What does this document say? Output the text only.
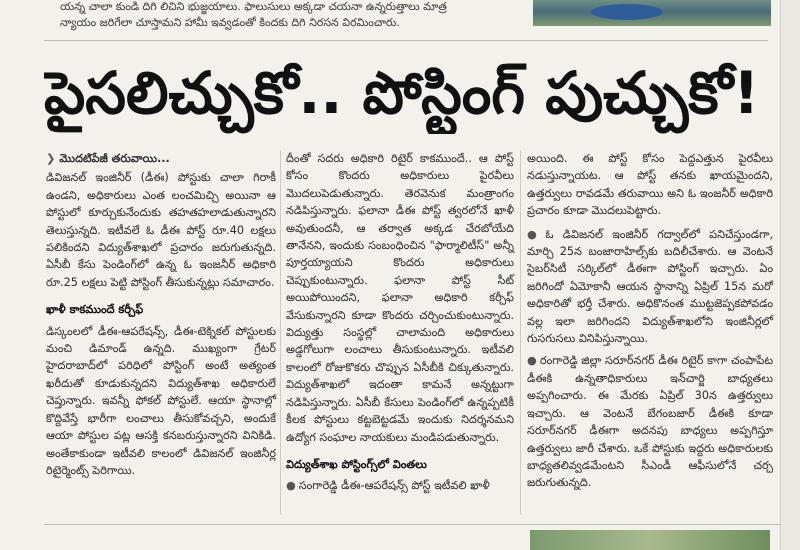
యన్న చాలా కుండి దిగి లిచిని భుజ్జయాలు. ఫాలుసులు అక్కడా చయనా ఉన్నరుత్తాలు మాత్ర
న్యాయం జరిగేలా చూస్తామని హామీ ఇవ్వడంతో కిందకు దిగి నిరసన విరమించారు.
పైసలిచ్చుకో.. పోస్టింగ్ పుచ్చుకో!
❯ మొదటిపేజీ తరువాయి...

డివిజనల్ ఇంజినీర్ (డీఈ) పోస్టుకు చాలా గిరాకీ ఉండని, అధికారులు ఎంత లంచమిచ్చి అయినా ఆ పోస్టులో కూర్చుకునేందుకు తహతహలాడుతున్నారని తెలుస్తున్నది. ఇటీవలే ఓ డీఈ పోస్ట్ రూ.40 లక్షలు పలికిందని విద్యుత్‌శాఖలో ప్రచారం జరుగుతున్నది. ఏసీబీ కేసు పెండింగ్‌లో ఉన్న ఓ ఇంజనీర్ అధికారి రూ.25 లక్షలు పెట్టి పోస్టింగ్ తీసుకున్నట్లు సమాచారం.

ఖాళీ కాకముందే కర్చీఫ్

డిస్కంలలో డీఈ-ఆపరేషన్స్, డీఈ-టెక్నికల్ పోస్టులకు మంచి డిమాండ్ ఉన్నది. ముఖ్యంగా గ్రేటర్ హైదరాబాద్‌లో పరిధిలో పోస్టింగ్ అంటే అత్యంత ఖరీదుతో కూడుకున్నదని విద్యుత్‌శాఖ అధికారులే చెప్తున్నారు. ఇవన్నీ ఫోకల్ పోస్టులే. ఆయా స్థానాల్లో కొద్దివేస్తే భారీగా లంచాలు తీసుకోవచ్చని, అందుకే ఆయా పోస్టుల పట్ల ఆసక్తి కనబరుస్తున్నారని వినికిడి. అంతేకాకుండా ఇటీవలి కాలంలో డివిజనల్ ఇంజినీర్ల రిటైర్మెంట్స్ పెరిగాయి.

దీంతో సదరు అధికారి రిటైర్ కాకముందే.. ఆ పోస్ట్ కోసం కొందరు అధికారులు పైరవీలు మొదలుపెడుతున్నారు. తెరవెనుక మంత్రాంగం నడిపిస్తున్నారు. ఫలానా డీఈ పోస్ట్ త్వరలోనే ఖాళీ అవుతుందనీ, ఆ తర్వాత అక్కడ చేరబోయేది తానేనని, ఇందుకు సంబంధించిన "ఫార్మాలిటీస్" అన్నీ పూర్తయ్యాయని కొందరు అధికారులు చెప్పుకుంటున్నారు. ఫలానా పోస్ట్ సీట్ అయిపోయిందని, ఫలానా అధికారి కర్చీఫ్ వేసుకున్నారని కూడా కొందరు చర్చించుకుంటున్నారు. విద్యుత్తు సంస్థల్లో చాలామంది అధికారులు అడ్డగోలుగా లంచాలు తీసుకుంటున్నారు. ఇటీవలి కాలంలో రోజుకొకరు చొప్పున ఏసీబీకి చిక్కుతున్నారు. విద్యుత్‌శాఖలో ఇదంతా కామనే అన్నట్టుగా నడిపిస్తున్నారు. ఏసీబీ కేసులు పెండింగ్‌లో ఉన్నప్పటికీ కీలక పోస్టులు కట్టబెట్టడమే ఇందుకు నిదర్శనమని ఉద్యోగ సంఘాల నాయకులు మండిపడుతున్నారు.

విద్యుత్‌శాఖ పోస్టింగ్స్‌లో వింతలు

● సంగారెడ్డి డీఈ-ఆపరేషన్స్ పోస్ట్ ఇటీవలి ఖాళీ

అయింది. ఈ పోస్ట్ కోసం పెద్దఎత్తున పైరవీలు నడుస్తున్నాయట. ఆ పోస్ట్ తనకు ఖాయమైందని, ఉత్తర్వులు రావడమే తరువాయి అని ఓ ఇంజనీర్ అధికారి ప్రచారం కూడా మొదలుపెట్టారు.

● ఓ డివిజనల్ ఇంజినీర్ గద్వాల్‌లో పనిచేస్తుండగా, మార్చి 25న బంజారాహిల్స్‌కు బదిలీచేశారు. ఆ వెంటనే సైబర్‌సిటీ సర్కిల్‌లో డీఈగా పోస్టింగ్ ఇచ్చారు. ఏం జరిగిందో ఏమోకానీ ఆయన స్థానాన్ని ఏప్రిల్ 15న మరో అధికారితో భర్తీ చేశారు. అధికొనంత ముట్టజెప్పకపోవడం వల్ల ఇలా జరిగిందని విద్యుత్‌శాఖలోని ఇంజినీర్లలో గుసగుసలు వినిపిస్తున్నాయి.

● రంగారెడ్డి జిల్లా సరూర్‌నగర్ డీఈ రిటైర్ కాగా చంపాపేట డీఈకి ఉన్నతాధికారులు ఇన్‌చార్జి బాధ్యతలు అప్పగించారు. ఈ మేరకు ఏప్రిల్ 30న ఉత్తర్వులు ఇచ్చారు. ఆ వెంటనే బేగంబజార్ డీఈకి కూడా సరూర్‌నగర్ డీఈగా అదనపు బాధ్యలు అప్పగిస్తూ ఉత్తర్వులు జారీ చేశారు. ఒకే పోస్టుకు ఇద్దరు అధికారులకు బాధ్యతలివ్వడమేంటని సీఎండీ ఆఫీసులోనే చర్చ జరుగుతున్నది.
